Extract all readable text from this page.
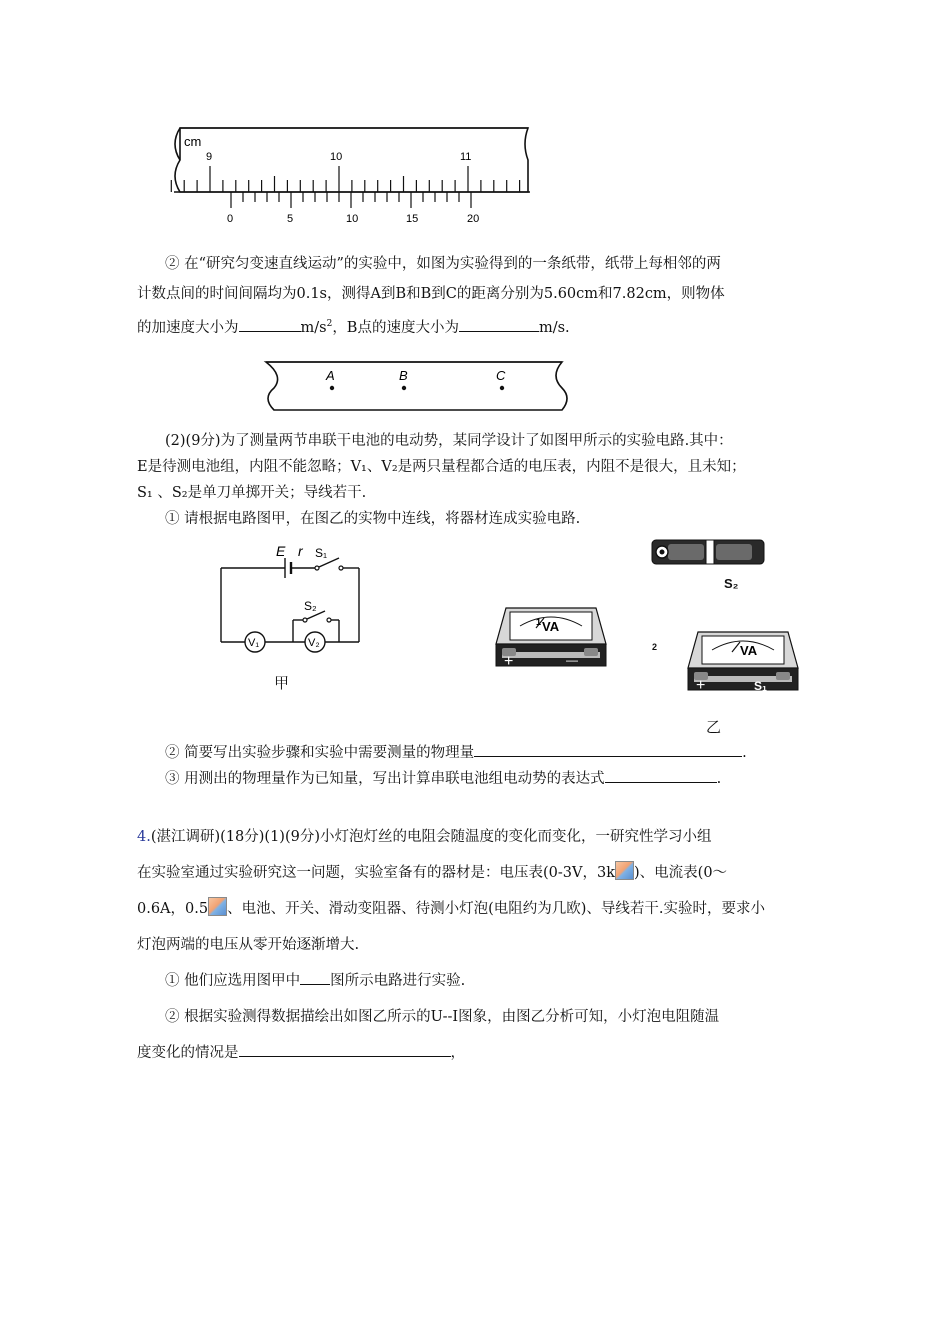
cm
9	10	11
0	5	10	15	20
② 在“研究匀变速直线运动”的实验中，如图为实验得到的一条纸带，纸带上每相邻的两
计数点间的时间间隔均为0.1s，测得A到B和B到C的距离分别为5.60cm和7.82cm，则物体
的加速度大小为	$m/s^2$，B点的速度大小为	m/s.
A	B	C
(2)(9分)为了测量两节串联干电池的电动势，某同学设计了如图甲所示的实验电路.其中：
E是待测电池组，内阻不能忽略；V₁、V₂是两只量程都合适的电压表，内阻不是很大，且未知；
S₁ 、S₂是单刀单掷开关；导线若干.
① 请根据电路图甲，在图乙的实物中连线，将器材连成实验电路.
E r S₁
S₂
V₁	V₂
甲
S₂
1 VA
+	—
2	VA
+	S₁
乙
② 简要写出实验步骤和实验中需要测量的物理量	.
③ 用测出的物理量作为已知量，写出计算串联电池组电动势的表达式	.
4.(湛江调研)(18分)(1)(9分)小灯泡灯丝的电阻会随温度的变化而变化，一研究性学习小组
在实验室通过实验研究这一问题，实验室备有的器材是：电压表(0-3V，3k )、电流表(0～
0.6A，0.5 、电池、开关、滑动变阻器、待测小灯泡(电阻约为几欧)、导线若干.实验时，要求小
灯泡两端的电压从零开始逐渐增大.
① 他们应选用图甲中 图所示电路进行实验.
② 根据实验测得数据描绘出如图乙所示的U--I图象，由图乙分析可知，小灯泡电阻随温
度变化的情况是	，
